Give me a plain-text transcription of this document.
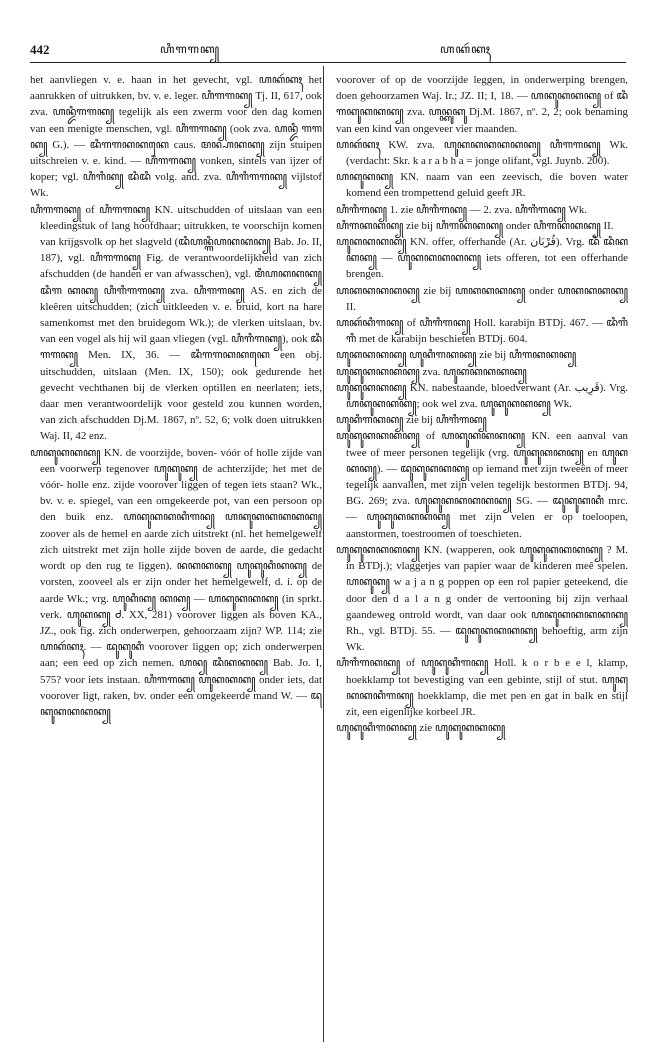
442	ꦲꦶꦒꦒꦏ꧀	ꦲꦏꦂꦏꦃ

het aanvliegen v. e. haan in het gevecht, vgl. ꦲꦏꦂꦏꦃ het aanrukken of uitrukken, bv. v. e. leger. ꦲꦶꦒꦒꦏ꧀ Tj. II, 617, ook zva. ꦲꦤ꧀ꦢꦶꦒꦒꦏ꧀ tegelijk als een zwerm voor den dag komen van een menigte menschen, vgl. ꦲꦶꦒꦒꦏ꧀ (ook zva. ꦲꦤ꧀ꦢꦶ ꦒꦒꦏ꧀ G.). — ꦢꦶꦒꦒꦏꦏꦏꦺ caus. ꦩꦤ꧀ꦲꦏꦏ꧀ zijn stuipen uitschreien v. e. kind. — ꦲꦶꦒꦒꦏ꧀ vonken, sintels van ijzer of koper; vgl. ꦲꦶꦒꦶꦏ꧀ ꦢꦶꦢꦶ volg. and. zva. ꦲꦶꦒꦶꦒꦒꦏ꧀ vijlstof Wk.

ꦲꦶꦒꦒꦏ꧀ of ꦲꦶꦒꦒꦏ꧀ KN. uitschudden of uitslaan van een kleedingstuk of lang hoofdhaar; uitrukken, te voorschijn komen van krijgsvolk op het slagveld (ꦢꦶꦲꦤ꧀ꦒꦶꦲꦏꦏꦏ꧀ Bab. Jo. II, 187), vgl. ꦲꦶꦒꦒꦏ꧀ Fig. de verantwoordelijkheid van zich afschudden (de handen er van afwasschen), vgl. ꦩꦶꦲꦏꦏꦏ꧀ ꦢꦶꦒ ꦏꦏ꧀ ꦲꦶꦒꦶꦒꦒꦏ꧀ zva. ꦲꦶꦒꦒꦏ꧀ AS. en zich de kleêren uitschudden; (zich uitkleeden v. e. bruid, kort na hare samenkomst met den bruidegom Wk.); de vlerken uitslaan, bv. van een vogel als hij wil gaan vliegen (vgl. ꦲꦶꦒꦶꦒꦏ꧀), ook ꦢꦶꦒꦒꦏ꧀ Men. IX, 36. — ꦢꦶꦒꦒꦏꦏꦏꦺ een obj. uitschudden, uitslaan (Men. IX, 150); ook gedurende het gevecht vechthanen bij de vlerken optillen en neerlaten; iets, daar men verantwoordelijk voor gesteld zou kunnen worden, van zich afschudden Dj.M. 1867, nº. 52, 6; volk doen uitrukken Waj. II, 42 enz.

ꦲꦏꦸꦏꦏꦏ꧀ KN. de voorzijde, boven- vóór of holle zijde van een voorwerp tegenover ꦲꦸꦏꦸꦏ꧀ de achterzijde; het met de vóór- holle enz. zijde voorover liggen of tegen iets staan? Wk., bv. v. e. spiegel, van een omgekeerde pot, van een persoon op den buik enz. ꦲꦏꦸꦏꦏꦏꦶꦒꦤ꧀ ꦲꦏꦸꦏꦏꦏꦏꦏ꧀ zoover als de hemel en aarde zich uitstrekt (nl. het hemelgewelf zich uitstrekt met zijn holle zijde boven de aarde, die gedacht wordt op den rug te liggen). ꦤꦏꦏꦏ꧀ ꦲꦸꦏꦸꦏꦶꦏꦏ꧀ de vorsten, zooveel als er zijn onder het hemelgewelf, d. i. op de aarde Wk.; vrg. ꦲꦸꦏꦶꦏ꧀ ꦏꦏ꧀ — ꦲꦏꦸꦏꦏꦏ꧀ (in sprkt. verk. ꦲꦸꦏꦏ꧀ Ꮷ. XX, 281) voorover liggen als boven KA., JZ., ook fig. zich onderwerpen, gehoorzaam zijn? WP. 114; zie ꦲꦏꦂꦏꦃ. — ꦢꦸꦏꦸꦏꦶ voorover liggen op; zich onderwerpen aan; een eed op zich nemen. ꦲꦤ꧀ ꦢꦶꦏꦏꦏ꧀ Bab. Jo. I, 575? voor iets instaan. ꦲꦶꦒꦒꦏ꧀ ꦲꦸꦏꦏꦏ꧀ onder iets, dat voorover ligt, raken, bv. onder een omgekeerde mand W. — ꦢꦸꦏꦸꦏꦏꦏꦏ꧀

voorover of op de voorzijde leggen, in onderwerping brengen, doen gehoorzamen Waj. Ir.; JZ. II; I, 18. — ꦲꦏꦸꦏꦏꦏ꧀ of ꦢꦶꦒꦏꦸꦏꦏꦏ꧀ zva. ꦲꦤ꧀ꦏꦸꦏꦸ Dj.M. 1867, nº. 2, 2; ook benaming van een kind van ongeveer vier maanden.

ꦲꦏꦂꦏꦃ KW. zva. ꦲꦸꦏꦏꦏꦏꦏꦏ꧀ ꦲꦶꦒꦒꦏ꧀ Wk. (verdacht: Skr. k a r a b h a = jonge olifant, vgl. Juynb. 200).

ꦲꦏꦸꦏꦏ꧀ KN. naam van een zeevisch, die boven water komend een trompettend geluid geeft JR.

ꦲꦶꦒꦶꦒꦏ꧀ 1. zie ꦲꦶꦒꦶꦒꦏ꧀ — 2. zva. ꦲꦶꦒꦶꦒꦏ꧀ Wk.

ꦲꦶꦒꦏꦏꦏ꧀ zie bij ꦲꦶꦒꦏꦏꦏ꧀ onder ꦲꦶꦒꦏꦏꦏ꧀ II.

ꦲꦸꦏꦏꦏꦏ꧀ KN. offer, offerhande (Ar. قُرْبَان). Vrg. ꦢꦶ ꦢꦶꦏꦏꦏ꧀ — ꦲꦸꦏꦏꦏꦏꦏ꧀ iets offeren, tot een offerhande brengen.

ꦲꦏꦏꦏꦏꦏ꧀ zie bij ꦲꦏꦏꦏꦏ꧀ onder ꦲꦏꦏꦏꦏ꧀ II.

ꦲꦏꦂꦏꦶꦒꦏ꧀ of ꦲꦶꦒꦶꦒꦏ꧀ Holl. karabijn BTDj. 467. — ꦢꦶꦒꦶꦒꦶ met de karabijn beschieten BTDj. 604.

ꦲꦸꦏꦏꦏꦏ꧀ ꦲꦸꦏꦶꦒꦏꦏ꧀ zie bij ꦲꦶꦒꦏꦏꦏ꧀

ꦲꦸꦏꦸꦏꦏꦏꦏ꧀ zva. ꦲꦸꦏꦏꦏꦏꦏ꧀

ꦲꦸꦏꦸꦏꦏꦏ꧀ KN. nabestaande, bloedverwant (Ar. قَرِيب). Vrg. ꦲꦏꦸꦏꦏꦏ꧀; ook wel zva. ꦲꦸꦏꦸꦏꦏꦏ꧀ Wk.

ꦲꦸꦏꦶꦒꦏꦏ꧀ zie bij ꦲꦶꦒꦶꦒꦏ꧀

ꦲꦸꦏꦸꦏꦏꦏꦏ꧀ of ꦲꦏꦸꦏꦏꦏꦏ꧀ KN. een aanval van twee of meer personen tegelijk (vrg. ꦲꦸꦏꦸꦏꦏꦏ꧀ en ꦲꦸꦏꦏꦏ꧀). — ꦢꦸꦏꦸꦏꦏꦏ꧀ op iemand met zijn tweeën of meer tegelijk aanvallen, met zijn velen tegelijk bestormen BTDj. 94, BG. 269; zva. ꦲꦸꦏꦸꦏꦏꦏꦏꦏ꧀ SG. — ꦢꦸꦏꦸꦏꦏꦶ mrc. — ꦲꦸꦏꦸꦏꦏꦏꦏ꧀ met zijn velen er op toeloopen, aanstormen, toestroomen of toeschieten.

ꦲꦸꦏꦸꦏꦏꦏꦏ꧀ KN. (wapperen, ook ꦲꦸꦏꦸꦏꦏꦏꦏ꧀ ? M. in BTDj.); vlaggetjes van papier waar de kinderen meê spelen. ꦲꦏꦸꦏ꧀ w a j a n g poppen op een rol papier geteekend, die door den d a l a n g onder de vertooning bij zijn verhaal gaandeweg ontrold wordt, van daar ook ꦲꦏꦸꦏꦏꦏꦏꦏ꧀ Rh., vgl. BTDj. 55. — ꦢꦸꦏꦸꦏꦏꦏꦏ꧀ behoeftig, arm zijn Wk.

ꦲꦶꦒꦶꦒꦏꦏ꧀ of ꦲꦸꦏꦸꦏꦶꦒꦏ꧀ Holl. k o r b e e l, klamp, hoekklamp tot bevestiging van een gebinte, stijl of stut. ꦲꦸꦏꦸꦏꦏꦏꦶꦒꦏ꧀ hoekklamp, die met pen en gat in balk en stijl zit, een eigenlijke korbeel JR.

ꦲꦸꦏꦸꦏꦶꦒꦏꦏ꧀ zie ꦲꦸꦏꦸꦏꦏꦏ꧀
